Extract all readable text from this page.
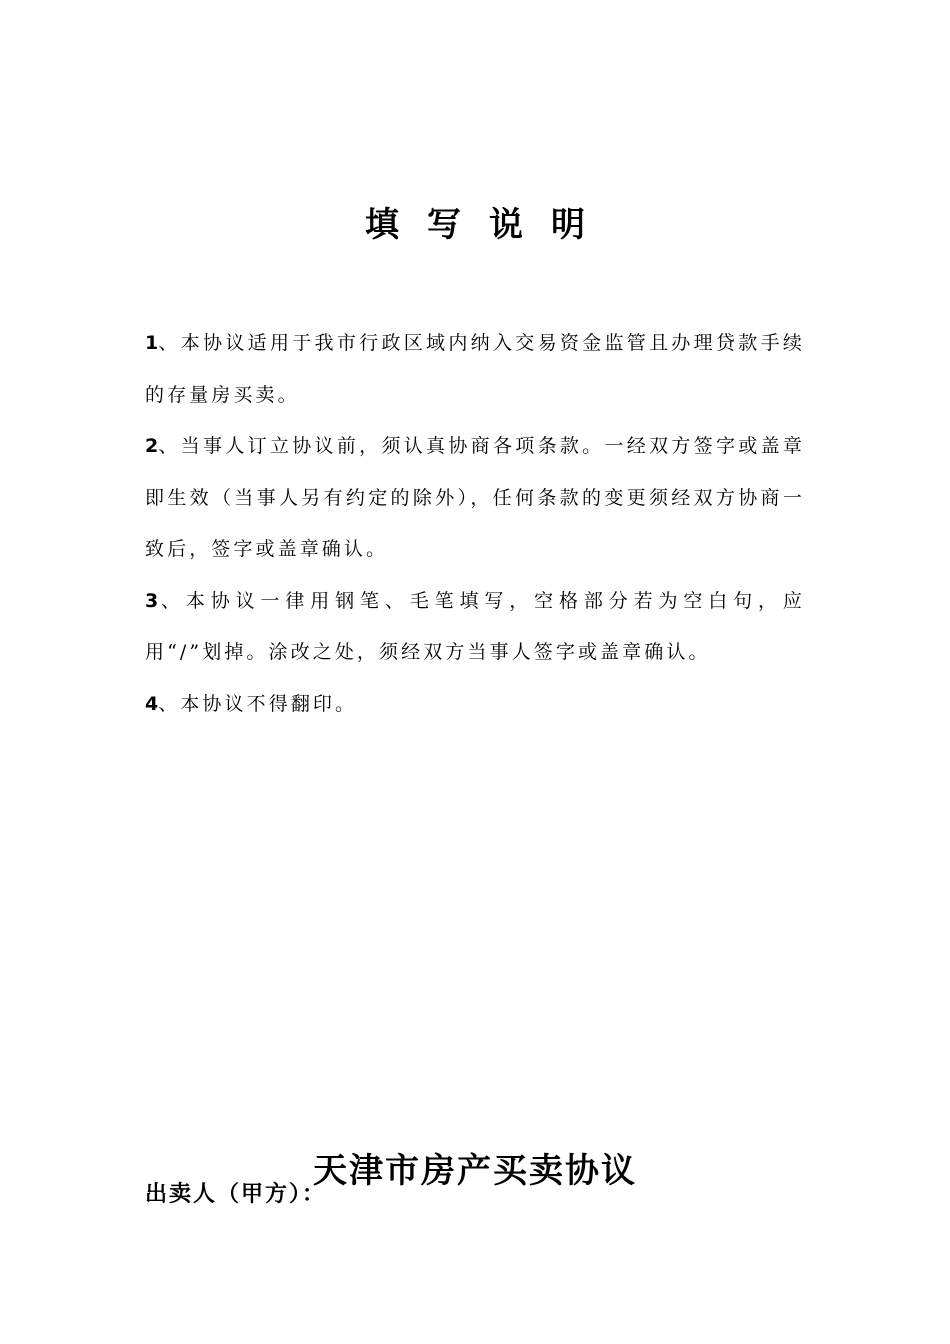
填写说明
1、本协议适用于我市行政区域内纳入交易资金监管且办理贷款手续的存量房买卖。
2、当事人订立协议前，须认真协商各项条款。一经双方签字或盖章即生效（当事人另有约定的除外），任何条款的变更须经双方协商一致后，签字或盖章确认。
3、本协议一律用钢笔、毛笔填写，空格部分若为空白句，应用“/”划掉。涂改之处，须经双方当事人签字或盖章确认。
4、本协议不得翻印。
天津市房产买卖协议
出卖人（甲方）：
